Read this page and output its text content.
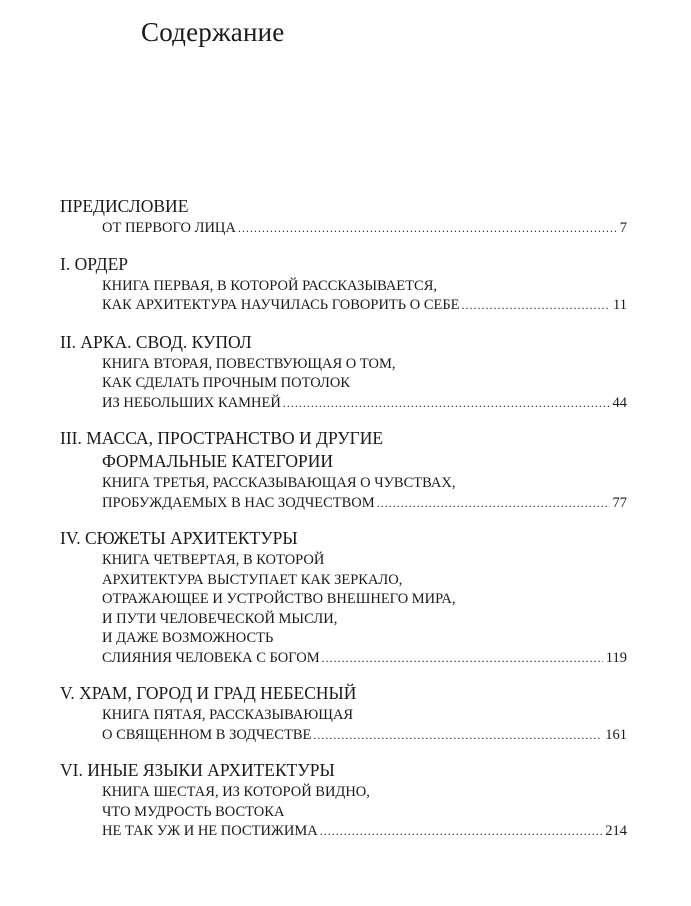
Содержание
ПРЕДИСЛОВИЕ
ОТ ПЕРВОГО ЛИЦА .....	7
I. ОРДЕР
КНИГА ПЕРВАЯ, В КОТОРОЙ РАССКАЗЫВАЕТСЯ,
КАК АРХИТЕКТУРА НАУЧИЛАСЬ ГОВОРИТЬ О СЕБЕ .....	11
II. АРКА. СВОД. КУПОЛ
КНИГА ВТОРАЯ, ПОВЕСТВУЮЩАЯ О ТОМ,
КАК СДЕЛАТЬ ПРОЧНЫМ ПОТОЛОК
ИЗ НЕБОЛЬШИХ КАМНЕЙ .....	44
III. МАССА, ПРОСТРАНСТВО И ДРУГИЕ
ФОРМАЛЬНЫЕ КАТЕГОРИИ
КНИГА ТРЕТЬЯ, РАССКАЗЫВАЮЩАЯ О ЧУВСТВАХ,
ПРОБУЖДАЕМЫХ В НАС ЗОДЧЕСТВОМ .....	77
IV. СЮЖЕТЫ АРХИТЕКТУРЫ
КНИГА ЧЕТВЕРТАЯ, В КОТОРОЙ
АРХИТЕКТУРА ВЫСТУПАЕТ КАК ЗЕРКАЛО,
ОТРАЖАЮЩЕЕ И УСТРОЙСТВО ВНЕШНЕГО МИРА,
И ПУТИ ЧЕЛОВЕЧЕСКОЙ МЫСЛИ,
И ДАЖЕ ВОЗМОЖНОСТЬ
СЛИЯНИЯ ЧЕЛОВЕКА С БОГОМ .....	119
V. ХРАМ, ГОРОД И ГРАД НЕБЕСНЫЙ
КНИГА ПЯТАЯ, РАССКАЗЫВАЮЩАЯ
О СВЯЩЕННОМ В ЗОДЧЕСТВЕ .....	161
VI. ИНЫЕ ЯЗЫКИ АРХИТЕКТУРЫ
КНИГА ШЕСТАЯ, ИЗ КОТОРОЙ ВИДНО,
ЧТО МУДРОСТЬ ВОСТОКА
НЕ ТАК УЖ И НЕ ПОСТИЖИМА .....	214
